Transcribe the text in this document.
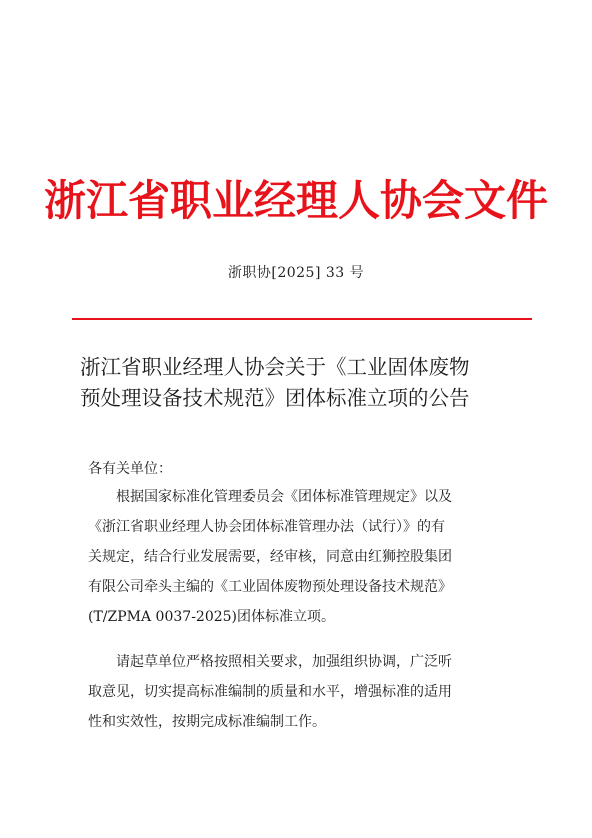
浙江省职业经理人协会文件
浙职协[2025] 33 号
浙江省职业经理人协会关于《工业固体废物
预处理设备技术规范》团体标准立项的公告
各有关单位：
根据国家标准化管理委员会《团体标准管理规定》以及
《浙江省职业经理人协会团体标准管理办法（试行）》的有
关规定，结合行业发展需要，经审核，同意由红狮控股集团
有限公司牵头主编的《工业固体废物预处理设备技术规范》
(T/ZPMA 0037-2025)团体标准立项。
请起草单位严格按照相关要求，加强组织协调，广泛听
取意见，切实提高标准编制的质量和水平，增强标准的适用
性和实效性，按期完成标准编制工作。
